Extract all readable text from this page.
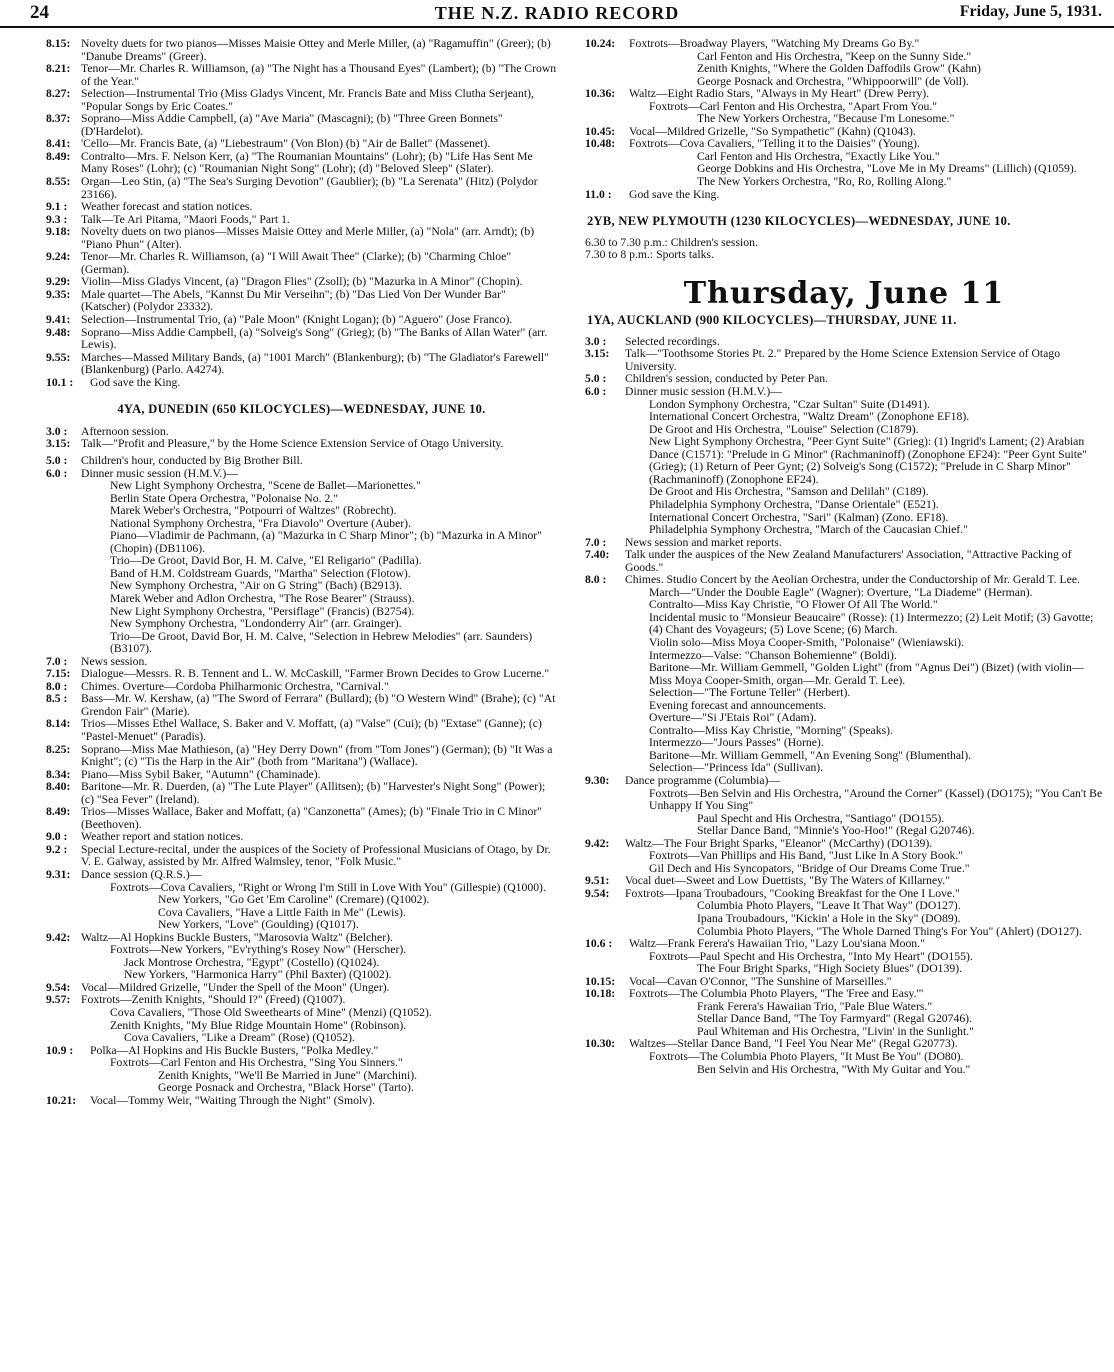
24	THE N.Z. RADIO RECORD	Friday, June 5, 1931.
8.15: Novelty duets for two pianos—Misses Maisie Ottey and Merle Miller, (a) "Ragamuffin" (Greer); (b) "Danube Dreams" (Greer).
8.21: Tenor—Mr. Charles R. Williamson, (a) "The Night has a Thousand Eyes" (Lambert); (b) "The Crown of the Year."
8.27: Selection—Instrumental Trio (Miss Gladys Vincent, Mr. Francis Bate and Miss Clutha Serjeant), "Popular Songs by Eric Coates."
8.37: Soprano—Miss Addie Campbell, (a) "Ave Maria" (Mascagni); (b) "Three Green Bonnets" (D'Hardelot).
8.41: 'Cello—Mr. Francis Bate, (a) "Liebestraum" (Von Blon) (b) "Air de Ballet" (Massenet).
8.49: Contralto—Mrs. F. Nelson Kerr, (a) "The Roumanian Mountains" (Lohr); (b) "Life Has Sent Me Many Roses" (Lohr); (c) "Roumanian Night Song" (Lohr); (d) "Beloved Sleep" (Slater).
8.55: Organ—Leo Stin, (a) "The Sea's Surging Devotion" (Gaublier); (b) "La Serenata" (Hitz) (Polydor 23166).
9.1 : Weather forecast and station notices.
9.3 : Talk—Te Ari Pitama, "Maori Foods," Part 1.
9.18: Novelty duets on two pianos—Misses Maisie Ottey and Merle Miller, (a) "Nola" (arr. Arndt); (b) "Piano Phun" (Alter).
9.24: Tenor—Mr. Charles R. Williamson, (a) "I Will Await Thee" (Clarke); (b) "Charming Chloe" (German).
9.29: Violin—Miss Gladys Vincent, (a) "Dragon Flies" (Zsoll); (b) "Mazurka in A Minor" (Chopin).
9.35: Male quartet—The Abels, "Kannst Du Mir Verseihn"; (b) "Das Lied Von Der Wunder Bar" (Katscher) (Polydor 23332).
9.41: Selection—Instrumental Trio, (a) "Pale Moon" (Knight Logan); (b) "Aguero" (Jose Franco).
9.48: Soprano—Miss Addie Campbell, (a) "Solveig's Song" (Grieg); (b) "The Banks of Allan Water" (arr. Lewis).
9.55: Marches—Massed Military Bands, (a) "1001 March" (Blankenburg); (b) "The Gladiator's Farewell" (Blankenburg) (Parlo. A4274).
10.1 : God save the King.
4YA, DUNEDIN (650 KILOCYCLES)—WEDNESDAY, JUNE 10.
3.0 : Afternoon session.
3.15: Talk—"Profit and Pleasure," by the Home Science Extension Service of Otago University.
5.0 : Children's hour, conducted by Big Brother Bill.
6.0 : Dinner music session (H.M.V.)—
New Light Symphony Orchestra, "Scene de Ballet—Marionettes."
Berlin State Opera Orchestra, "Polonaise No. 2."
Marek Weber's Orchestra, "Potpourri of Waltzes" (Robrecht).
National Symphony Orchestra, "Fra Diavolo" Overture (Auber).
Piano—Vladimir de Pachmann, (a) "Mazurka in C Sharp Minor"; (b) "Mazurka in A Minor" (Chopin) (DB1106).
Trio—De Groot, David Bor, H. M. Calve, "El Religario" (Padilla).
Band of H.M. Coldstream Guards, "Martha" Selection (Flotow).
New Symphony Orchestra, "Air on G String" (Bach) (B2913).
Marek Weber and Adlon Orchestra, "The Rose Bearer" (Strauss).
New Light Symphony Orchestra, "Persiflage" (Francis) (B2754).
New Symphony Orchestra, "Londonderry Air" (arr. Grainger).
Trio—De Groot, David Bor, H. M. Calve, "Selection in Hebrew Melodies" (arr. Saunders) (B3107).
7.0 : News session.
7.15: Dialogue—Messrs. R. B. Tennent and L. W. McCaskill, "Farmer Brown Decides to Grow Lucerne."
8.0 : Chimes. Overture—Cordoba Philharmonic Orchestra, "Carnival."
8.5 : Bass—Mr. W. Kershaw, (a) "The Sword of Ferrara" (Bullard); (b) "O Western Wind" (Brahe); (c) "At Grendon Fair" (Marie).
8.14: Trios—Misses Ethel Wallace, S. Baker and V. Moffatt, (a) "Valse" (Cui); (b) "Extase" (Ganne); (c) "Pastel-Menuet" (Paradis).
8.25: Soprano—Miss Mae Mathieson, (a) "Hey Derry Down" (from "Tom Jones") (German); (b) "It Was a Knight"; (c) "Tis the Harp in the Air" (both from "Maritana") (Wallace).
8.34: Piano—Miss Sybil Baker, "Autumn" (Chaminade).
8.40: Baritone—Mr. R. Duerden, (a) "The Lute Player" (Allitsen); (b) "Harvester's Night Song" (Power); (c) "Sea Fever" (Ireland).
8.49: Trios—Misses Wallace, Baker and Moffatt, (a) "Canzonetta" (Ames); (b) "Finale Trio in C Minor" (Beethoven).
9.0 : Weather report and station notices.
9.2 : Special Lecture-recital, under the auspices of the Society of Professional Musicians of Otago, by Dr. V. E. Galway, assisted by Mr. Alfred Walmsley, tenor, "Folk Music."
9.31: Dance session (Q.R.S.)—
Foxtrots—Cova Cavaliers, "Right or Wrong I'm Still in Love With You" (Gillespie) (Q1000).
New Yorkers, "Go Get 'Em Caroline" (Cremare) (Q1002).
Cova Cavaliers, "Have a Little Faith in Me" (Lewis).
New Yorkers, "Love" (Goulding) (Q1017).
9.42: Waltz—Al Hopkins Buckle Busters, "Marosovia Waltz" (Belcher).
Foxtrots—New Yorkers, "Ev'rything's Rosey Now" (Herscher).
Jack Montrose Orchestra, "Egypt" (Costello) (Q1024).
New Yorkers, "Harmonica Harry" (Phil Baxter) (Q1002).
9.54: Vocal—Mildred Grizelle, "Under the Spell of the Moon" (Unger).
9.57: Foxtrots—Zenith Knights, "Should I?" (Freed) (Q1007).
Cova Cavaliers, "Those Old Sweethearts of Mine" (Menzi) (Q1052).
Zenith Knights, "My Blue Ridge Mountain Home" (Robinson).
Cova Cavaliers, "Like a Dream" (Rose) (Q1052).
10.9 : Polka—Al Hopkins and His Buckle Busters, "Polka Medley."
Foxtrots—Carl Fenton and His Orchestra, "Sing You Sinners."
Zenith Knights, "We'll Be Married in June" (Marchini).
George Posnack and Orchestra, "Black Horse" (Tarto).
10.21: Vocal—Tommy Weir, "Waiting Through the Night" (Smolv).
10.24: Foxtrots—Broadway Players, "Watching My Dreams Go By."
Carl Fenton and His Orchestra, "Keep on the Sunny Side."
Zenith Knights, "Where the Golden Daffodils Grow" (Kahn)
George Posnack and Orchestra, "Whippoorwill" (de Voll).
10.36: Waltz—Eight Radio Stars, "Always in My Heart" (Drew Perry).
Foxtrots—Carl Fenton and His Orchestra, "Apart From You."
The New Yorkers Orchestra, "Because I'm Lonesome."
10.45: Vocal—Mildred Grizelle, "So Sympathetic" (Kahn) (Q1043).
10.48: Foxtrots—Cova Cavaliers, "Telling it to the Daisies" (Young).
Carl Fenton and His Orchestra, "Exactly Like You."
George Dobkins and His Orchestra, "Love Me in My Dreams" (Lillich) (Q1059).
The New Yorkers Orchestra, "Ro, Ro, Rolling Along."
11.0 : God save the King.
2YB, NEW PLYMOUTH (1230 KILOCYCLES)—WEDNESDAY, JUNE 10.
6.30 to 7.30 p.m.: Children's session.
7.30 to 8 p.m.: Sports talks.
Thursday, June 11
1YA, AUCKLAND (900 KILOCYCLES)—THURSDAY, JUNE 11.
3.0 : Selected recordings.
3.15: Talk—"Toothsome Stories Pt. 2." Prepared by the Home Science Extension Service of Otago University.
5.0 : Children's session, conducted by Peter Pan.
6.0 : Dinner music session (H.M.V.)—
London Symphony Orchestra, "Czar Sultan" Suite (D1491).
International Concert Orchestra, "Waltz Dream" (Zonophone EF18).
De Groot and His Orchestra, "Louise" Selection (C1879).
New Light Symphony Orchestra, "Peer Gynt Suite" (Grieg): (1) Ingrid's Lament; (2) Arabian Dance (C1571): "Prelude in G Minor" (Rachmaninoff) (Zonophone EF24): "Peer Gynt Suite" (Grieg); (1) Return of Peer Gynt; (2) Solveig's Song (C1572); "Prelude in C Sharp Minor" (Rachmaninoff) (Zonophone EF24).
De Groot and His Orchestra, "Samson and Delilah" (C189).
Philadelphia Symphony Orchestra, "Danse Orientale" (E521).
International Concert Orchestra, "Sari" (Kalman) (Zono. EF18).
Philadelphia Symphony Orchestra, "March of the Caucasian Chief."
7.0 : News session and market reports.
7.40: Talk under the auspices of the New Zealand Manufacturers' Association, "Attractive Packing of Goods."
8.0 : Chimes. Studio Concert by the Aeolian Orchestra, under the Conductorship of Mr. Gerald T. Lee.
March—"Under the Double Eagle" (Wagner): Overture, "La Diademe" (Herman).
Contralto—Miss Kay Christie, "O Flower Of All The World."
Incidental music to "Monsieur Beaucaire" (Rosse): (1) Intermezzo; (2) Leit Motif; (3) Gavotte; (4) Chant des Voyageurs; (5) Love Scene; (6) March.
Violin solo—Miss Moya Cooper-Smith, "Polonaise" (Wieniawski).
Intermezzo—Valse: "Chanson Bohemienne" (Boldi).
Baritone—Mr. William Gemmell, "Golden Light" (from "Agnus Dei") (Bizet) (with violin—Miss Moya Cooper-Smith, organ—Mr. Gerald T. Lee).
Selection—"The Fortune Teller" (Herbert).
Evening forecast and announcements.
Overture—"Si J'Etais Roi" (Adam).
Contralto—Miss Kay Christie, "Morning" (Speaks).
Intermezzo—"Jours Passes" (Horne).
Baritone—Mr. William Gemmell, "An Evening Song" (Blumenthal).
Selection—"Princess Ida" (Sullivan).
9.30: Dance programme (Columbia)—
Foxtrots—Ben Selvin and His Orchestra, "Around the Corner" (Kassel) (DO175); "You Can't Be Unhappy If You Sing"
Paul Specht and His Orchestra, "Santiago" (DO155).
Stellar Dance Band, "Minnie's Yoo-Hoo!" (Regal G20746).
9.42: Waltz—The Four Bright Sparks, "Eleanor" (McCarthy) (DO139).
Foxtrots—Van Phillips and His Band, "Just Like In A Story Book."
Gil Dech and His Syncopators, "Bridge of Our Dreams Come True."
9.51: Vocal duet—Sweet and Low Duettists, "By The Waters of Killarney."
9.54: Foxtrots—Ipana Troubadours, "Cooking Breakfast for the One I Love."
Columbia Photo Players, "Leave It That Way" (DO127).
Ipana Troubadours, "Kickin' a Hole in the Sky" (DO89).
Columbia Photo Players, "The Whole Darned Thing's For You" (Ahlert) (DO127).
10.6 : Waltz—Frank Ferera's Hawaiian Trio, "Lazy Lou'siana Moon."
Foxtrots—Paul Specht and His Orchestra, "Into My Heart" (DO155).
The Four Bright Sparks, "High Society Blues" (DO139).
10.15: Vocal—Cavan O'Connor, "The Sunshine of Marseilles."
10.18: Foxtrots—The Columbia Photo Players, "The 'Free and Easy.'"
Frank Ferera's Hawaiian Trio, "Pale Blue Waters."
Stellar Dance Band, "The Toy Farmyard" (Regal G20746).
Paul Whiteman and His Orchestra, "Livin' in the Sunlight."
10.30: Waltzes—Stellar Dance Band, "I Feel You Near Me" (Regal G20773).
Foxtrots—The Columbia Photo Players, "It Must Be You" (DO80).
Ben Selvin and His Orchestra, "With My Guitar and You."
